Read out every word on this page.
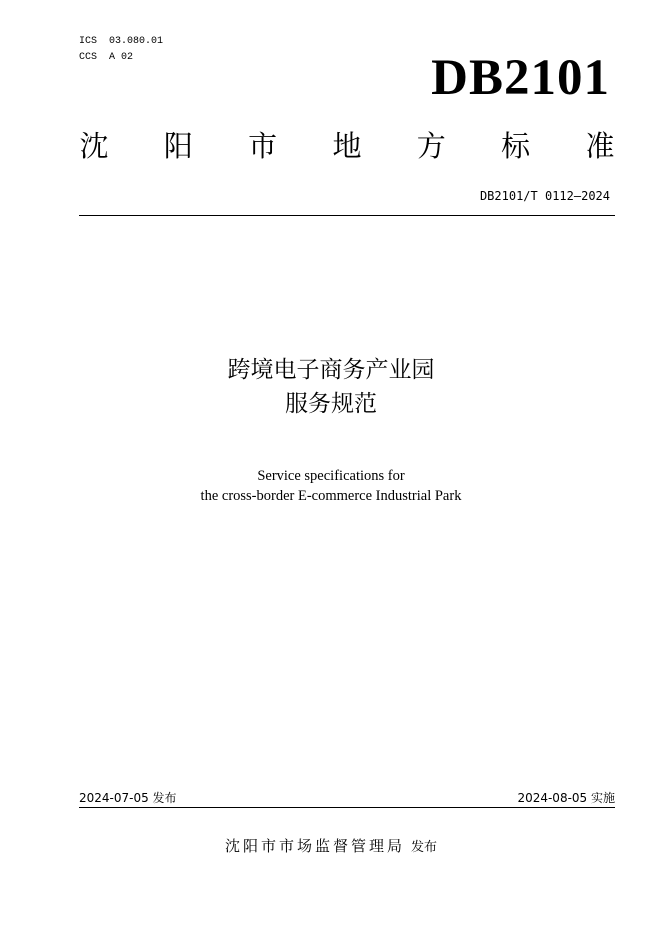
ICS  03.080.01
CCS  A 02	DB2101
沈 阳 市 地 方 标 准
DB2101/T 0112—2024
跨境电子商务产业园
服务规范
Service specifications for
the cross-border E-commerce Industrial Park
2024-07-05 发布	2024-08-05 实施
沈阳市市场监督管理局 发布
